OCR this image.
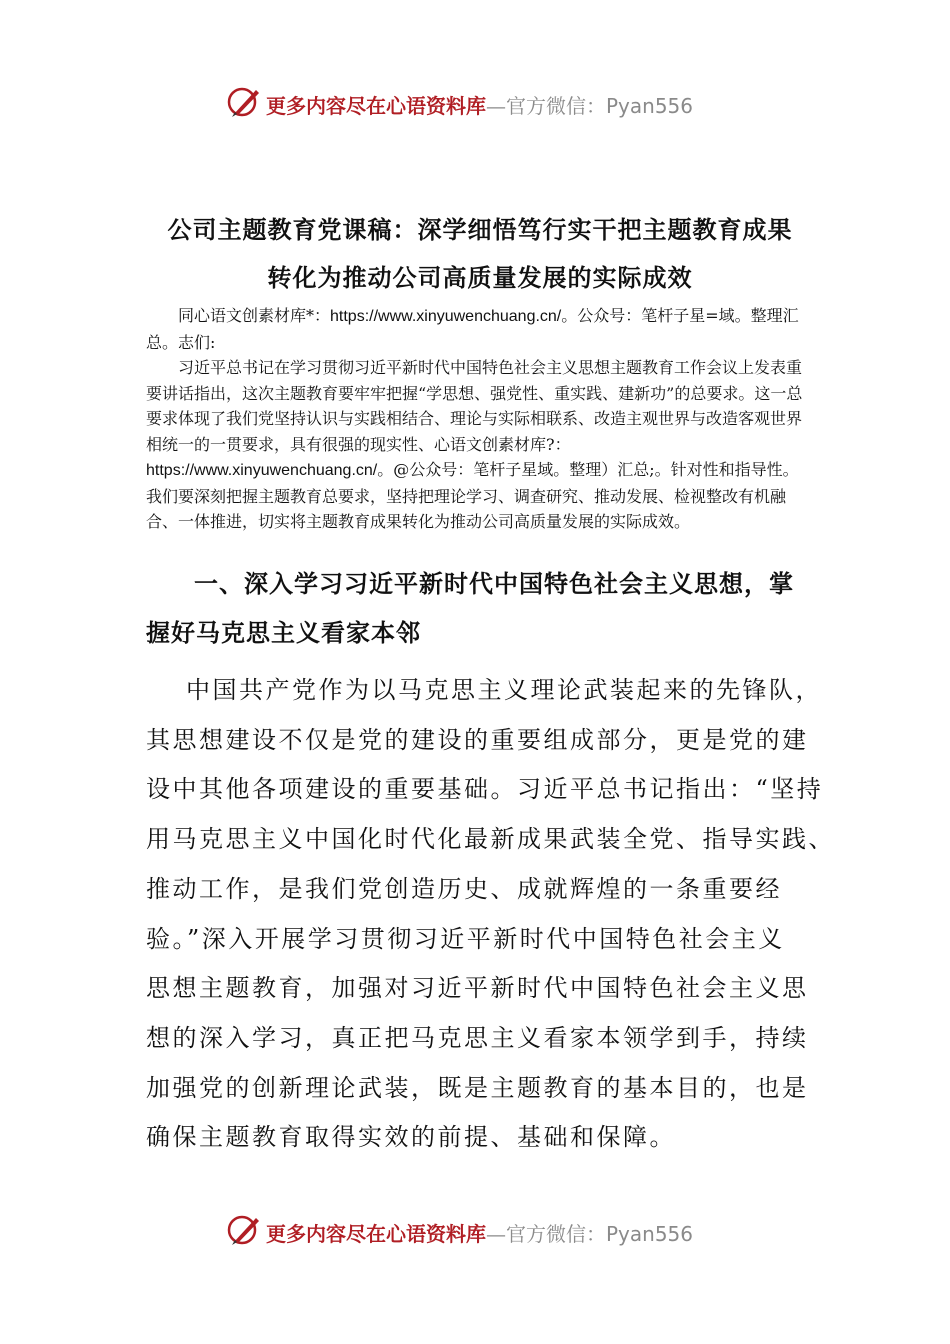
更多内容尽在心语资料库—官方微信：Pyan556
公司主题教育党课稿：深学细悟笃行实干把主题教育成果
转化为推动公司高质量发展的实际成效

同心语文创素材库*：https://www.xinyuwenchuang.cn/。公众号：笔杆子星=域。整理汇总。志们:

习近平总书记在学习贯彻习近平新时代中国特色社会主义思想主题教育工作会议上发表重要讲话指出，这次主题教育要牢牢把握“学思想、强党性、重实践、建新功”的总要求。这一总要求体现了我们党坚持认识与实践相结合、理论与实际相联系、改造主观世界与改造客观世界相统一的一贯要求，具有很强的现实性、心语文创素材库?：https://www.xinyuwenchuang.cn/。@公众号：笔杆子星域。整理）汇总;。针对性和指导性。我们要深刻把握主题教育总要求，坚持把理论学习、调查研究、推动发展、检视整改有机融合、一体推进，切实将主题教育成果转化为推动公司高质量发展的实际成效。

一、深入学习习近平新时代中国特色社会主义思想，掌握好马克思主义看家本邻
中国共产党作为以马克思主义理论武装起来的先锋队，
其思想建设不仅是党的建设的重要组成部分，更是党的建
设中其他各项建设的重要基础。习近平总书记指出：“坚持
用马克思主义中国化时代化最新成果武装全党、指导实践、
推动工作，是我们党创造历史、成就辉煌的一条重要经
验。”深入开展学习贯彻习近平新时代中国特色社会主义
思想主题教育，加强对习近平新时代中国特色社会主义思
想的深入学习，真正把马克思主义看家本领学到手，持续
加强党的创新理论武装，既是主题教育的基本目的，也是
确保主题教育取得实效的前提、基础和保障。
更多内容尽在心语资料库—官方微信：Pyan556
